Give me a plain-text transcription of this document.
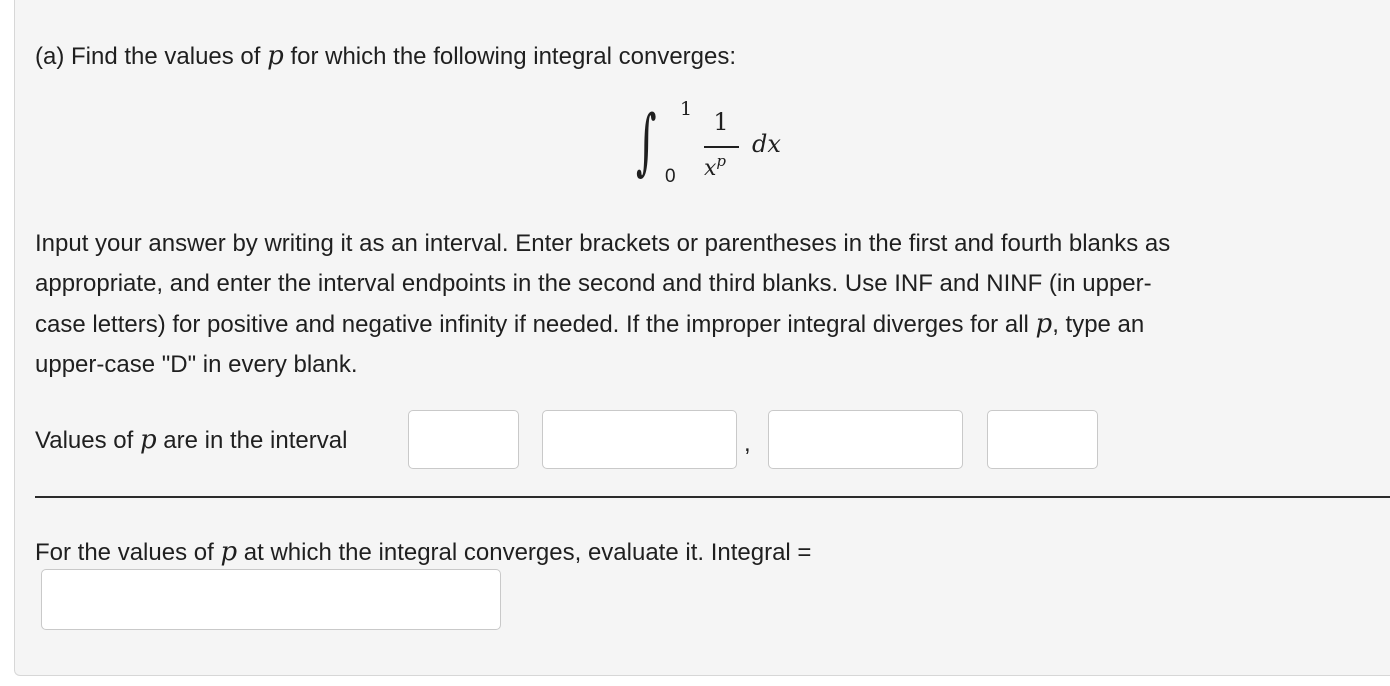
(a) Find the values of p for which the following integral converges:
∫ 1
0
1
$x^p$
dx

Input your answer by writing it as an interval. Enter brackets or parentheses in the first and fourth blanks as

appropriate, and enter the interval endpoints in the second and third blanks. Use INF and NINF (in upper-

case letters) for positive and negative infinity if needed. If the improper integral diverges for all p, type an

upper-case "D" in every blank.

Values of p are in the interval	,
For the values of p at which the integral converges, evaluate it. Integral =
